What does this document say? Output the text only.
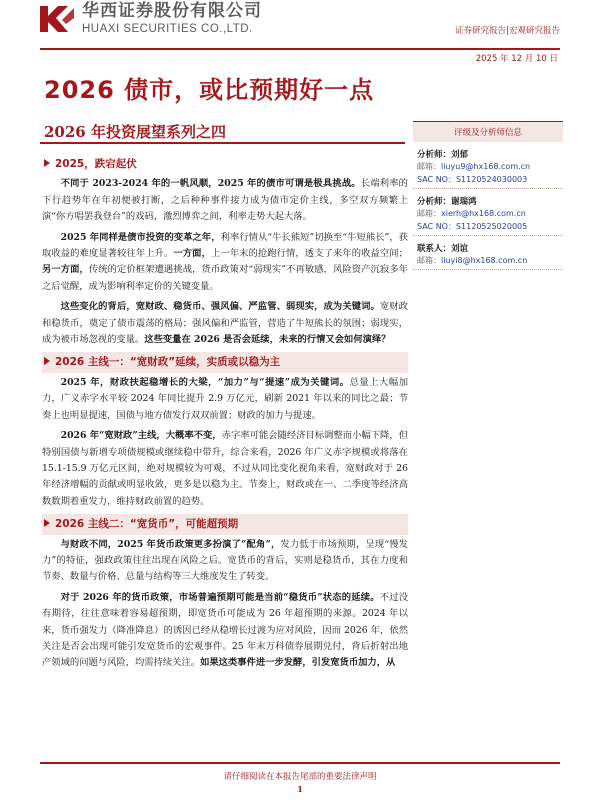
华西证券股份有限公司
HUAXI SECURITIES CO.,LTD.	证券研究报告|宏观研究报告
2025 年 12 月 10 日
2026 债市，或比预期好一点
2026 年投资展望系列之四
2025，跌宕起伏

不同于 2023-2024 年的一帆风顺，2025 年的债市可谓是极具挑战。长端利率的下行趋势年在年初便被打断，之后种种事件接力成为债市定价主线，多空双方频繁上演“你方唱罢我登台”的戏码，激烈博弈之间，利率走势大起大落。

2025 年同样是债市投资的变革之年，利率行情从“牛长熊短”切换至“牛短熊长”，获取收益的难度显著较往年上升。一方面，上一年末的抢跑行情，透支了来年的收益空间；另一方面，传统的定价框架遭遇挑战，货币政策对“弱现实”不再敏感，风险资产沉寂多年之后觉醒，成为影响利率定价的关键变量。

这些变化的背后，宽财政、稳货币、强风偏、严监管、弱现实，成为关键词。宽财政和稳货币，奠定了债市震荡的格局；强风偏和严监管，营造了牛短熊长的氛围；弱现实，成为被市场忽视的变量。这些变量在 2026 是否会延续，未来的行情又会如何演绎？

2026 主线一：“宽财政”延续，实质或以稳为主

2025 年，财政扶起稳增长的大梁，“加力”与“提速”成为关键词。总量上大幅加力，广义赤字水平较 2024 年同比提升 2.9 万亿元，刷新 2021 年以来的同比之最；节奏上也明显提速，国债与地方债发行双双前置；财政的加力与提速。

2026 年“宽财政”主线，大概率不变，赤字率可能会随经济目标调整而小幅下降，但特别国债与新增专项债规模或继续稳中带升，综合来看，2026 年广义赤字规模或将落在 15.1-15.9 万亿元区间，绝对规模较为可观，不过从同比变化视角来看，宽财政对于 26 年经济增幅的贡献或明显收敛，更多是以稳为主。节奏上，财政或在一、二季度等经济高数数期着重发力，维持财政前置的趋势。

2026 主线二：“宽货币”，可能超预期

与财政不同，2025 年货币政策更多扮演了“配角”，发力低于市场预期，呈现“慢发力”的特征，强政政策往往出现在风险之后。宽货币的背后，实则是稳货币，其在力度和节奏、数量与价格、总量与结构等三大维度发生了转变。

对于 2026 年的货币政策，市场普遍预期可能是当前“稳货币”状态的延续。不过没有期待，往往意味着容易超预期，即宽货币可能成为 26 年超预期的来源。2024 年以来，货币强发力（降准降息）的诱因已经从稳增长过渡为应对风险，因而 2026 年，依然关注是否会出现可能引发宽货币的宏观事件。25 年末万科债券展期兑付，背后折射出地产领域的问题与风险，均需持续关注。如果这类事件进一步发酵，引发宽货币加力，从

评级及分析师信息
分析师：刘郁
邮箱：liuyu9@hx168.com.cn
SAC NO：S1120524030003
分析师：谢瑞鸿
邮箱：xierh@hx168.com.cn
SAC NO：S1120525020005
联系人：刘谊
邮箱：liuyi8@hx168.com.cn
请仔细阅读在本报告尾部的重要法律声明
1
